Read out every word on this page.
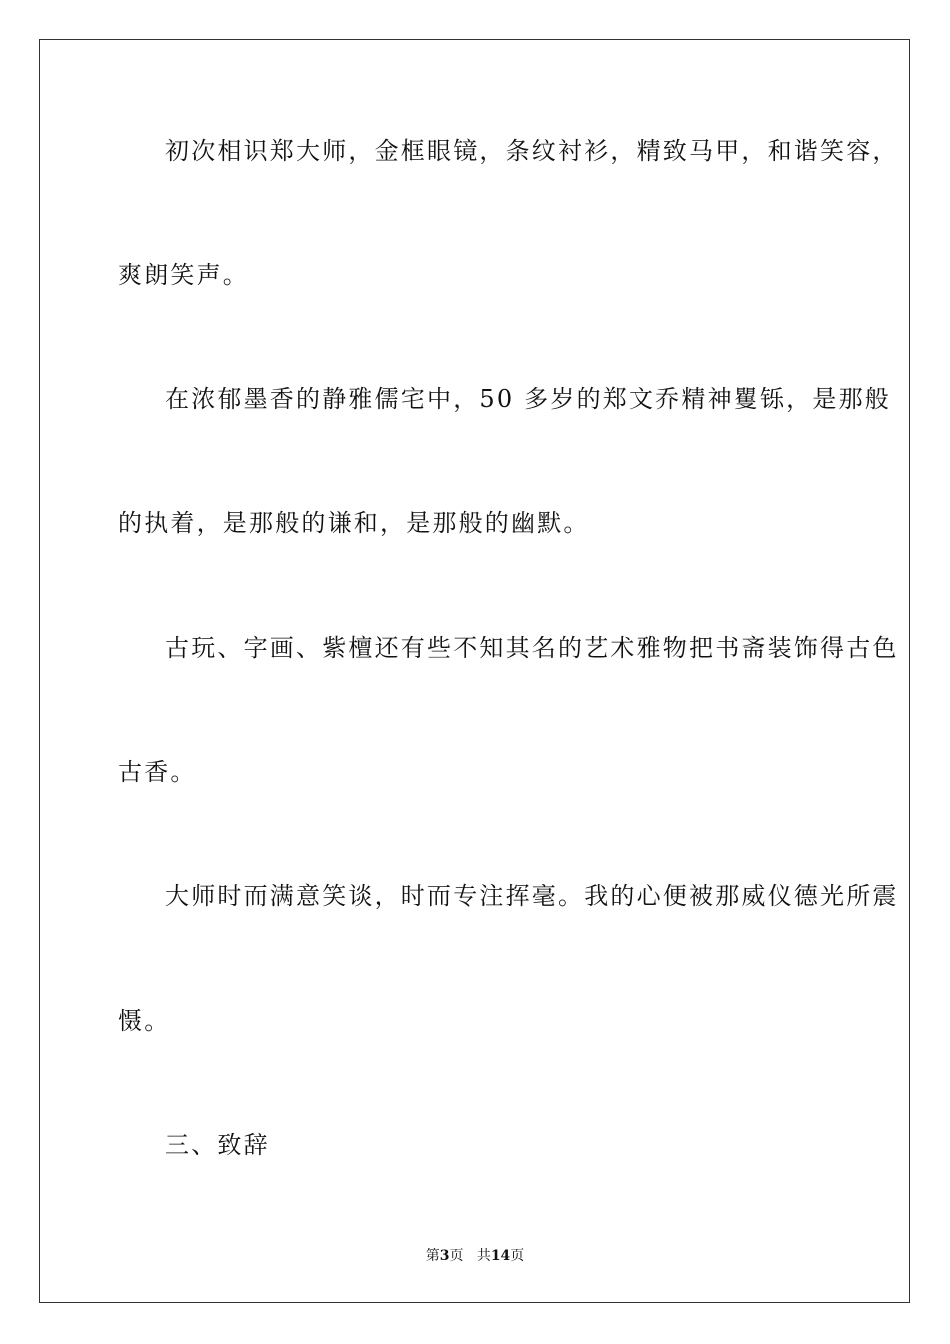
初次相识郑大师，金框眼镜，条纹衬衫，精致马甲，和谐笑容，
爽朗笑声。
在浓郁墨香的静雅儒宅中，50 多岁的郑文乔精神矍铄，是那般
的执着，是那般的谦和，是那般的幽默。
古玩、字画、紫檀还有些不知其名的艺术雅物把书斋装饰得古色
古香。
大师时而满意笑谈，时而专注挥毫。我的心便被那威仪德光所震
慑。
三、致辞
第3页 共14页
